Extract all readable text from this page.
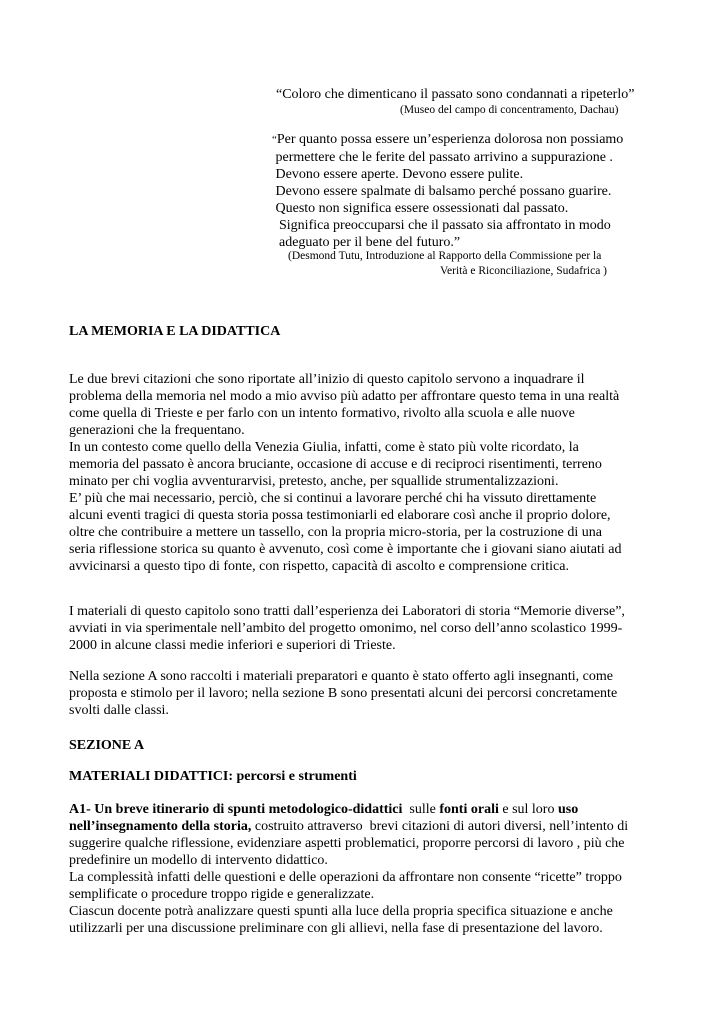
“Coloro che dimenticano il passato sono condannati a ripeterlo”
(Museo del campo di concentramento, Dachau)
“Per quanto possa essere un’esperienza dolorosa non possiamo
permettere che le ferite del passato arrivino a suppurazione .
Devono essere aperte. Devono essere pulite.
Devono essere spalmate di balsamo perché possano guarire.
Questo non significa essere ossessionati dal passato.
Significa preoccuparsi che il passato sia affrontato in modo
adeguato per il bene del futuro.”
(Desmond Tutu, Introduzione al Rapporto della Commissione per la
Verità e Riconciliazione, Sudafrica )
LA MEMORIA E LA DIDATTICA
Le due brevi citazioni che sono riportate all’inizio di questo capitolo servono a inquadrare il
problema della memoria nel modo a mio avviso più adatto per affrontare questo tema in una realtà
come quella di Trieste e per farlo con un intento formativo, rivolto alla scuola e alle nuove
generazioni che la frequentano.
In un contesto come quello della Venezia Giulia, infatti, come è stato più volte ricordato, la
memoria del passato è ancora bruciante, occasione di accuse e di reciproci risentimenti, terreno
minato per chi voglia avventurarvisi, pretesto, anche, per squallide strumentalizzazioni.
E’ più che mai necessario, perciò, che si continui a lavorare perché chi ha vissuto direttamente
alcuni eventi tragici di questa storia possa testimoniarli ed elaborare così anche il proprio dolore,
oltre che contribuire a mettere un tassello, con la propria micro-storia, per la costruzione di una
seria riflessione storica su quanto è avvenuto, così come è importante che i giovani siano aiutati ad
avvicinarsi a questo tipo di fonte, con rispetto, capacità di ascolto e comprensione critica.
I materiali di questo capitolo sono tratti dall’esperienza dei Laboratori di storia “Memorie diverse”,
avviati in via sperimentale nell’ambito del progetto omonimo, nel corso dell’anno scolastico 1999-
2000 in alcune classi medie inferiori e superiori di Trieste.
Nella sezione A sono raccolti i materiali preparatori e quanto è stato offerto agli insegnanti, come
proposta e stimolo per il lavoro; nella sezione B sono presentati alcuni dei percorsi concretamente
svolti dalle classi.
SEZIONE A
MATERIALI DIDATTICI: percorsi e strumenti
A1- Un breve itinerario di spunti metodologico-didattici  sulle fonti orali e sul loro uso
nell’insegnamento della storia, costruito attraverso  brevi citazioni di autori diversi, nell’intento di
suggerire qualche riflessione, evidenziare aspetti problematici, proporre percorsi di lavoro , più che
predefinire un modello di intervento didattico.
La complessità infatti delle questioni e delle operazioni da affrontare non consente “ricette” troppo
semplificate o procedure troppo rigide e generalizzate.
Ciascun docente potrà analizzare questi spunti alla luce della propria specifica situazione e anche
utilizzarli per una discussione preliminare con gli allievi, nella fase di presentazione del lavoro.
